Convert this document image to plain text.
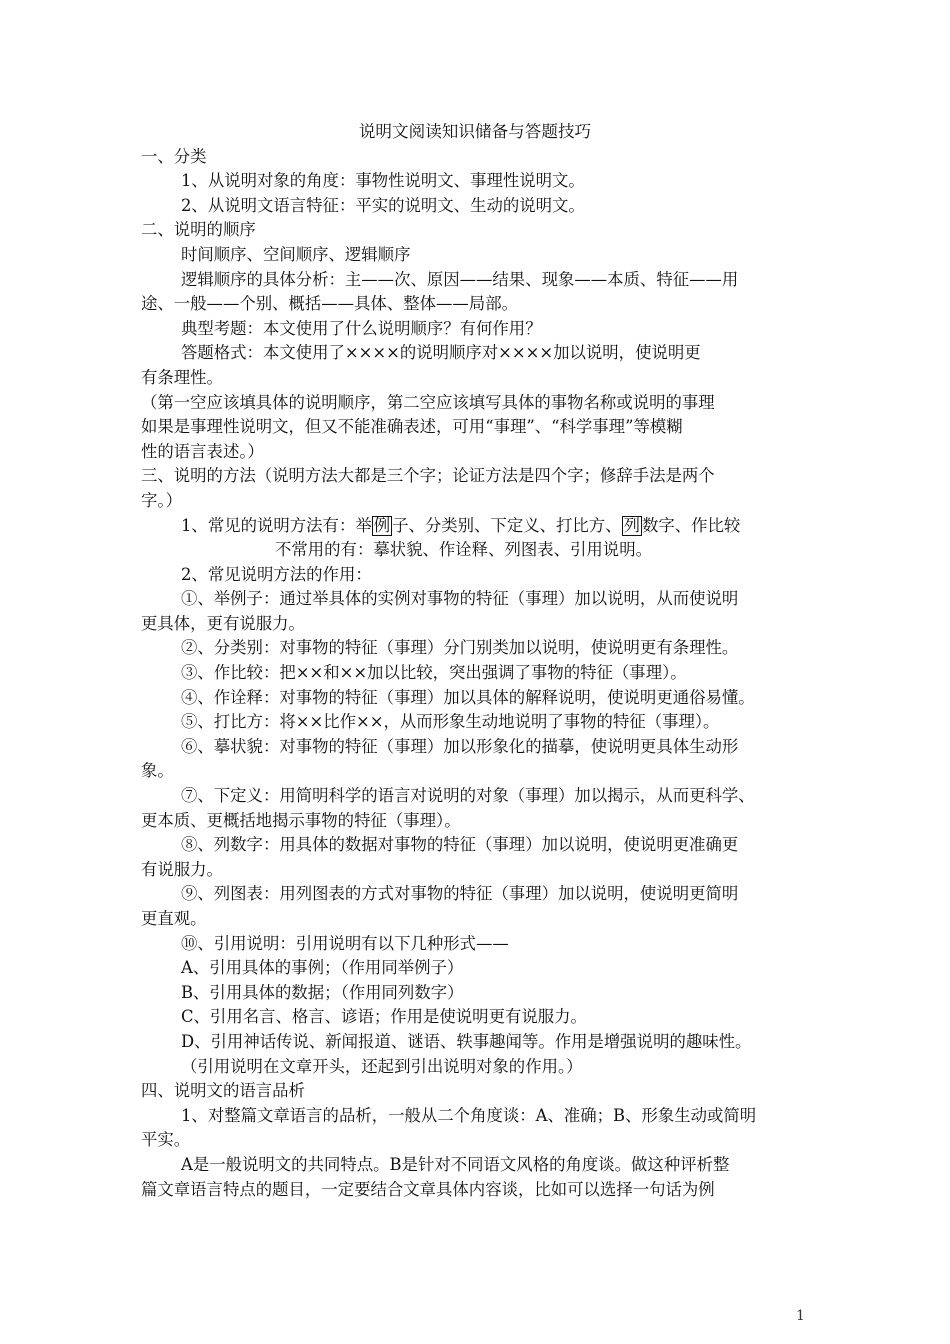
说明文阅读知识储备与答题技巧
一、分类
1、从说明对象的角度：事物性说明文、事理性说明文。
2、从说明文语言特征：平实的说明文、生动的说明文。
二、说明的顺序
时间顺序、空间顺序、逻辑顺序
逻辑顺序的具体分析：主——次、原因——结果、现象——本质、特征——用
途、一般——个别、概括——具体、整体——局部。
典型考题：本文使用了什么说明顺序？有何作用？
答题格式：本文使用了××××的说明顺序对××××加以说明，使说明更
有条理性。
（第一空应该填具体的说明顺序，第二空应该填写具体的事物名称或说明的事理
如果是事理性说明文，但又不能准确表述，可用“事理”、“科学事理”等模糊
性的语言表述。）
三、说明的方法（说明方法大都是三个字；论证方法是四个字；修辞手法是两个
字。）
1、常见的说明方法有：举 例 子、分类别、下定义、打比方、 列 数字、作比较
不常用的有：摹状貌、作诠释、列图表、引用说明。
2、常见说明方法的作用：
①、举例子：通过举具体的实例对事物的特征（事理）加以说明，从而使说明
更具体，更有说服力。
②、分类别：对事物的特征（事理）分门别类加以说明，使说明更有条理性。
③、作比较：把××和××加以比较，突出强调了事物的特征（事理）。
④、作诠释：对事物的特征（事理）加以具体的解释说明，使说明更通俗易懂。
⑤、打比方：将××比作××，从而形象生动地说明了事物的特征（事理）。
⑥、摹状貌：对事物的特征（事理）加以形象化的描摹，使说明更具体生动形
象。
⑦、下定义：用简明科学的语言对说明的对象（事理）加以揭示，从而更科学、
更本质、更概括地揭示事物的特征（事理）。
⑧、列数字：用具体的数据对事物的特征（事理）加以说明，使说明更准确更
有说服力。
⑨、列图表：用列图表的方式对事物的特征（事理）加以说明，使说明更简明
更直观。
⑩、引用说明：引用说明有以下几种形式——
A、引用具体的事例；（作用同举例子）
B、引用具体的数据；（作用同列数字）
C、引用名言、格言、谚语；作用是使说明更有说服力。
D、引用神话传说、新闻报道、谜语、轶事趣闻等。作用是增强说明的趣味性。
（引用说明在文章开头，还起到引出说明对象的作用。）
四、说明文的语言品析
1、对整篇文章语言的品析，一般从二个角度谈：A、准确；B、形象生动或简明
平实。
A是一般说明文的共同特点。B是针对不同语文风格的角度谈。做这种评析整
篇文章语言特点的题目，一定要结合文章具体内容谈，比如可以选择一句话为例
1
